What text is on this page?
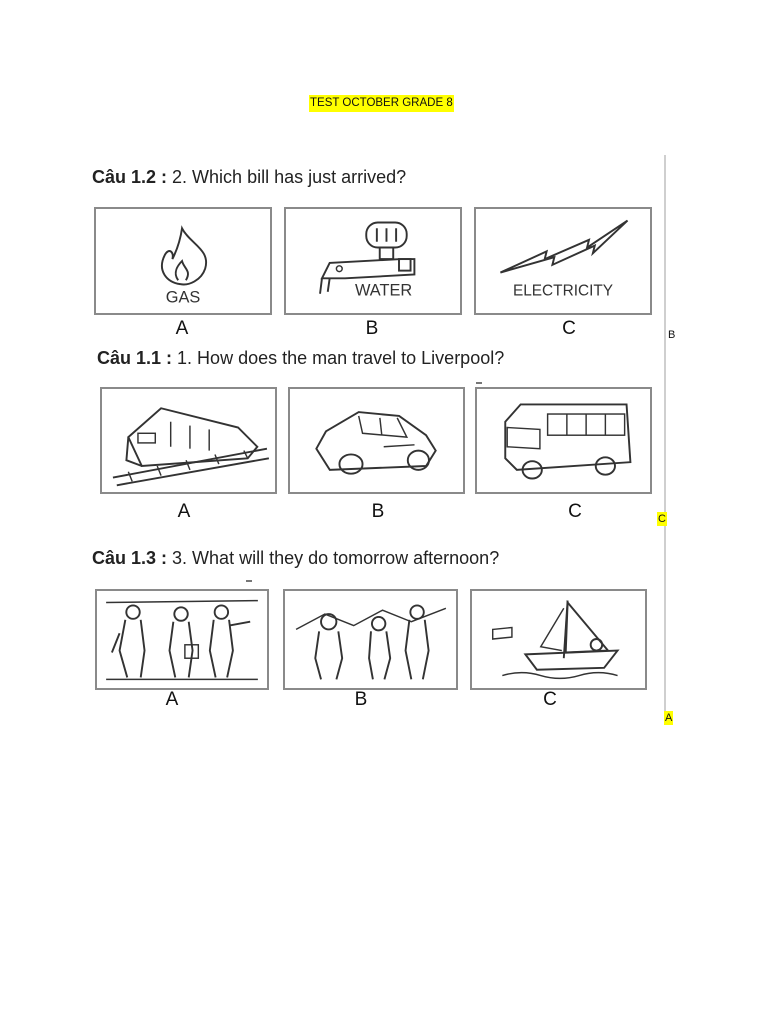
TEST OCTOBER GRADE 8
Câu 1.2 : 2. Which bill has just arrived?
GAS	WATER	ELECTRICITY
A	B	C	B
Câu 1.1 : 1. How does the man travel to Liverpool?
A	B	C	C
Câu 1.3 : 3. What will they do tomorrow afternoon?
A	B	C
A
